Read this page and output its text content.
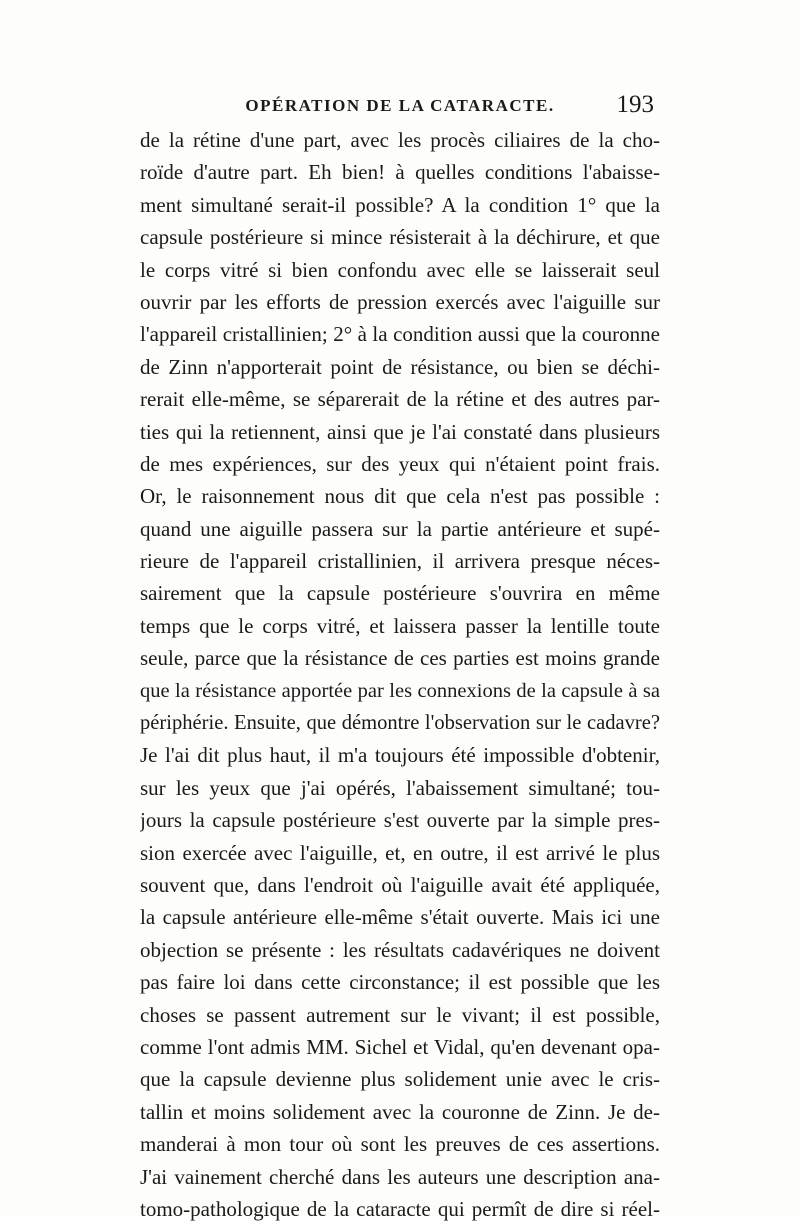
OPÉRATION DE LA CATARACTE.	193
de la rétine d'une part, avec les procès ciliaires de la cho-
roïde d'autre part. Eh bien! à quelles conditions l'abaisse-
ment simultané serait-il possible? A la condition 1° que la
capsule postérieure si mince résisterait à la déchirure, et que
le corps vitré si bien confondu avec elle se laisserait seul
ouvrir par les efforts de pression exercés avec l'aiguille sur
l'appareil cristallinien; 2° à la condition aussi que la couronne
de Zinn n'apporterait point de résistance, ou bien se déchi-
rerait elle-même, se séparerait de la rétine et des autres par-
ties qui la retiennent, ainsi que je l'ai constaté dans plusieurs
de mes expériences, sur des yeux qui n'étaient point frais.
Or, le raisonnement nous dit que cela n'est pas possible :
quand une aiguille passera sur la partie antérieure et supé-
rieure de l'appareil cristallinien, il arrivera presque néces-
sairement que la capsule postérieure s'ouvrira en même
temps que le corps vitré, et laissera passer la lentille toute
seule, parce que la résistance de ces parties est moins grande
que la résistance apportée par les connexions de la capsule à sa
périphérie. Ensuite, que démontre l'observation sur le cadavre?
Je l'ai dit plus haut, il m'a toujours été impossible d'obtenir,
sur les yeux que j'ai opérés, l'abaissement simultané; tou-
jours la capsule postérieure s'est ouverte par la simple pres-
sion exercée avec l'aiguille, et, en outre, il est arrivé le plus
souvent que, dans l'endroit où l'aiguille avait été appliquée,
la capsule antérieure elle-même s'était ouverte. Mais ici une
objection se présente : les résultats cadavériques ne doivent
pas faire loi dans cette circonstance; il est possible que les
choses se passent autrement sur le vivant; il est possible,
comme l'ont admis MM. Sichel et Vidal, qu'en devenant opa-
que la capsule devienne plus solidement unie avec le cris-
tallin et moins solidement avec la couronne de Zinn. Je de-
manderai à mon tour où sont les preuves de ces assertions.
J'ai vainement cherché dans les auteurs une description ana-
tomo-pathologique de la cataracte qui permît de dire si réel-
